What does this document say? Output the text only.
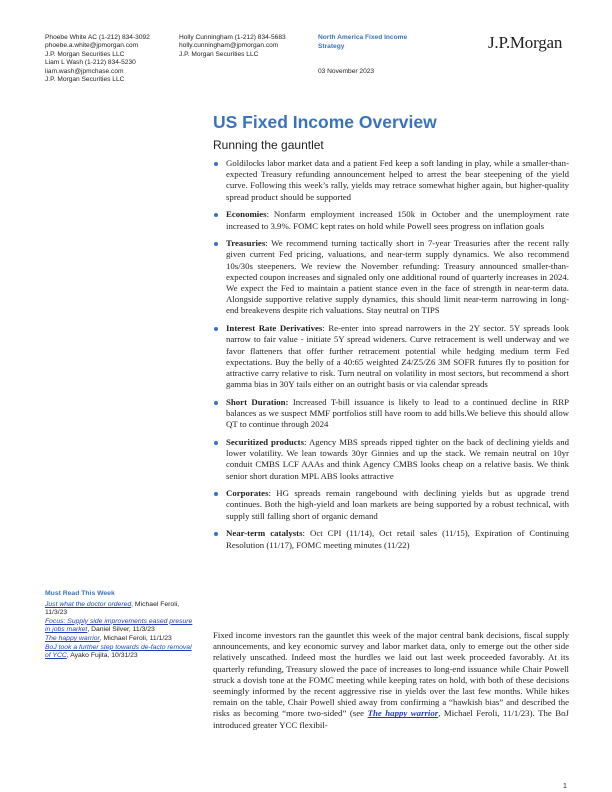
Phoebe White AC (1-212) 834-3092
phoebe.a.white@jpmorgan.com
J.P. Morgan Securities LLC
Liam L Wash (1-212) 834-5230
liam.wash@jpmchase.com
J.P. Morgan Securities LLC
Holly Cunningham (1-212) 834-5683
holly.cunningham@jpmorgan.com
J.P. Morgan Securities LLC
North America Fixed Income Strategy
03 November 2023
J.P.Morgan
US Fixed Income Overview
Running the gauntlet
Goldilocks labor market data and a patient Fed keep a soft landing in play, while a smaller-than-expected Treasury refunding announcement helped to arrest the bear steepening of the yield curve. Following this week’s rally, yields may retrace somewhat higher again, but higher-quality spread product should be supported
Economies: Nonfarm employment increased 150k in October and the unemployment rate increased to 3.9%. FOMC kept rates on hold while Powell sees progress on inflation goals
Treasuries: We recommend turning tactically short in 7-year Treasuries after the recent rally given current Fed pricing, valuations, and near-term supply dynamics. We also recommend 10s/30s steepeners. We review the November refunding: Treasury announced smaller-than-expected coupon increases and signaled only one additional round of quarterly increases in 2024. We expect the Fed to maintain a patient stance even in the face of strength in near-term data. Alongside supportive relative supply dynamics, this should limit near-term narrowing in long-end breakevens despite rich valuations. Stay neutral on TIPS
Interest Rate Derivatives: Re-enter into spread narrowers in the 2Y sector. 5Y spreads look narrow to fair value - initiate 5Y spread wideners. Curve retracement is well underway and we favor flatteners that offer further retracement potential while hedging medium term Fed expectations. Buy the belly of a 40:65 weighted Z4/Z5/Z6 3M SOFR futures fly to position for attractive carry relative to risk. Turn neutral on volatility in most sectors, but recommend a short gamma bias in 30Y tails either on an outright basis or via calendar spreads
Short Duration: Increased T-bill issuance is likely to lead to a continued decline in RRP balances as we suspect MMF portfolios still have room to add bills.We believe this should allow QT to continue through 2024
Securitized products: Agency MBS spreads ripped tighter on the back of declining yields and lower volatility. We lean towards 30yr Ginnies and up the stack. We remain neutral on 10yr conduit CMBS LCF AAAs and think Agency CMBS looks cheap on a relative basis. We think senior short duration MPL ABS looks attractive
Corporates: HG spreads remain rangebound with declining yields but as upgrade trend continues. Both the high-yield and loan markets are being supported by a robust technical, with supply still falling short of organic demand
Near-term catalysts: Oct CPI (11/14), Oct retail sales (11/15), Expiration of Continuing Resolution (11/17), FOMC meeting minutes (11/22)
Must Read This Week
Just what the doctor ordered, Michael Feroli, 11/3/23
Focus: Supply side improvements eased presure in jobs market, Daniel Silver, 11/3/23
The happy warrior, Michael Feroli, 11/1/23
BoJ took a further step towards de-facto removal of YCC, Ayako Fujita, 10/31/23
Fixed income investors ran the gauntlet this week of the major central bank decisions, fiscal supply announcements, and key economic survey and labor market data, only to emerge out the other side relatively unscathed. Indeed most the hurdles we laid out last week proceeded favorably. At its quarterly refunding, Treasury slowed the pace of increases to long-end issuance while Chair Powell struck a dovish tone at the FOMC meeting while keeping rates on hold, with both of these decisions seemingly informed by the recent aggressive rise in yields over the last few months. While hikes remain on the table, Chair Powell shied away from confirming a “hawkish bias” and described the risks as becoming “more two-sided” (see The happy warrior, Michael Feroli, 11/1/23). The BoJ introduced greater YCC flexibil-
1
